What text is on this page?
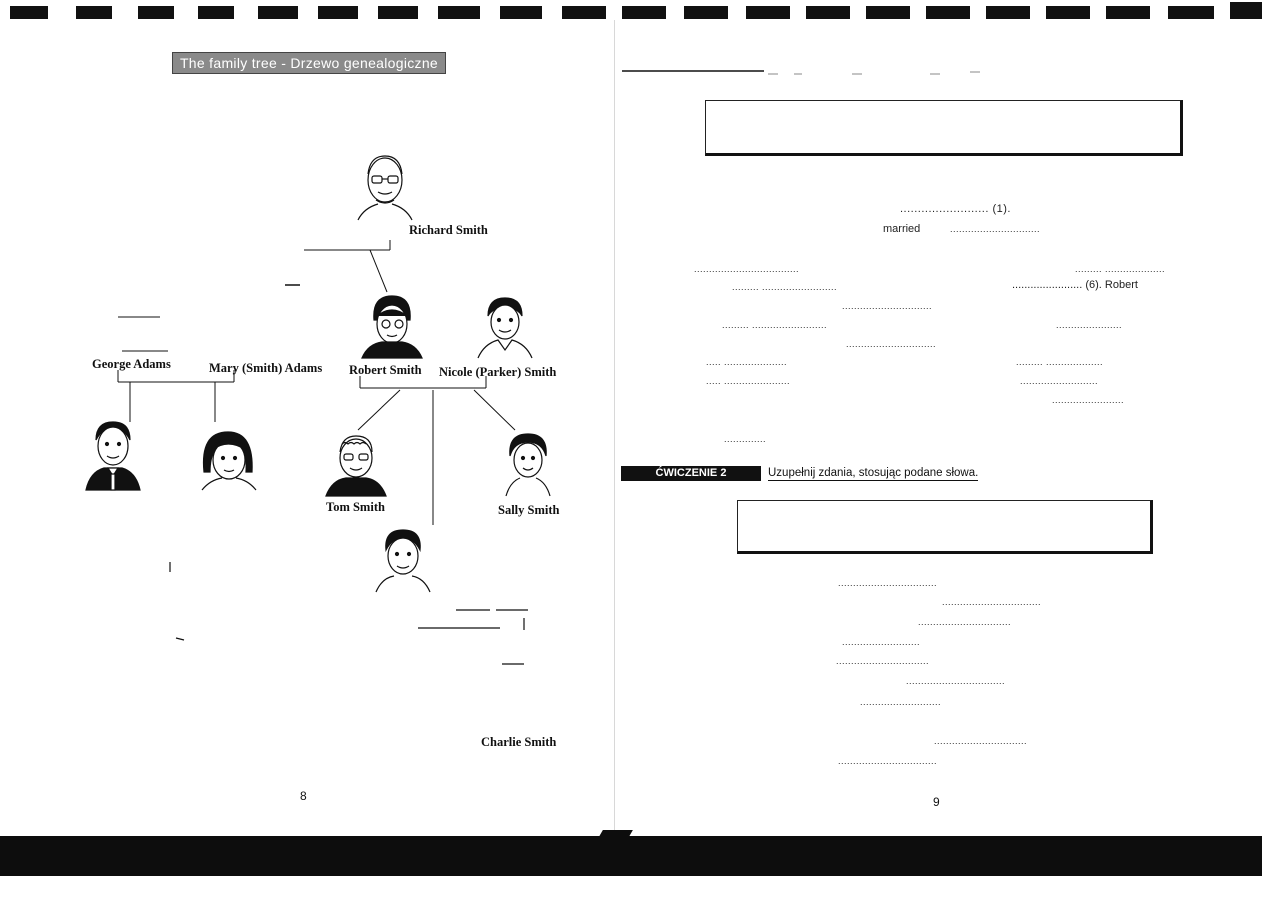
The family tree - Drzewo genealogiczne
Richard Smith
Robert Smith Nicole (Parker) Smith
George Adams	Mary (Smith) Adams
Tom Smith	Sally Smith
Charlie Smith
8
......................... (1).
married	..............................
...................................
......... .........................
..............................
......... .........................
..............................
..... .....................
..... ......................
......... ....................
....................... (6). Robert
......................
......... ...................
..........................
........................
..............
ĆWICZENIE 2	Uzupełnij zdania, stosując podane słowa.
.................................
.................................
...............................
..........................
...............................
.................................
...........................
...............................
.................................
9
